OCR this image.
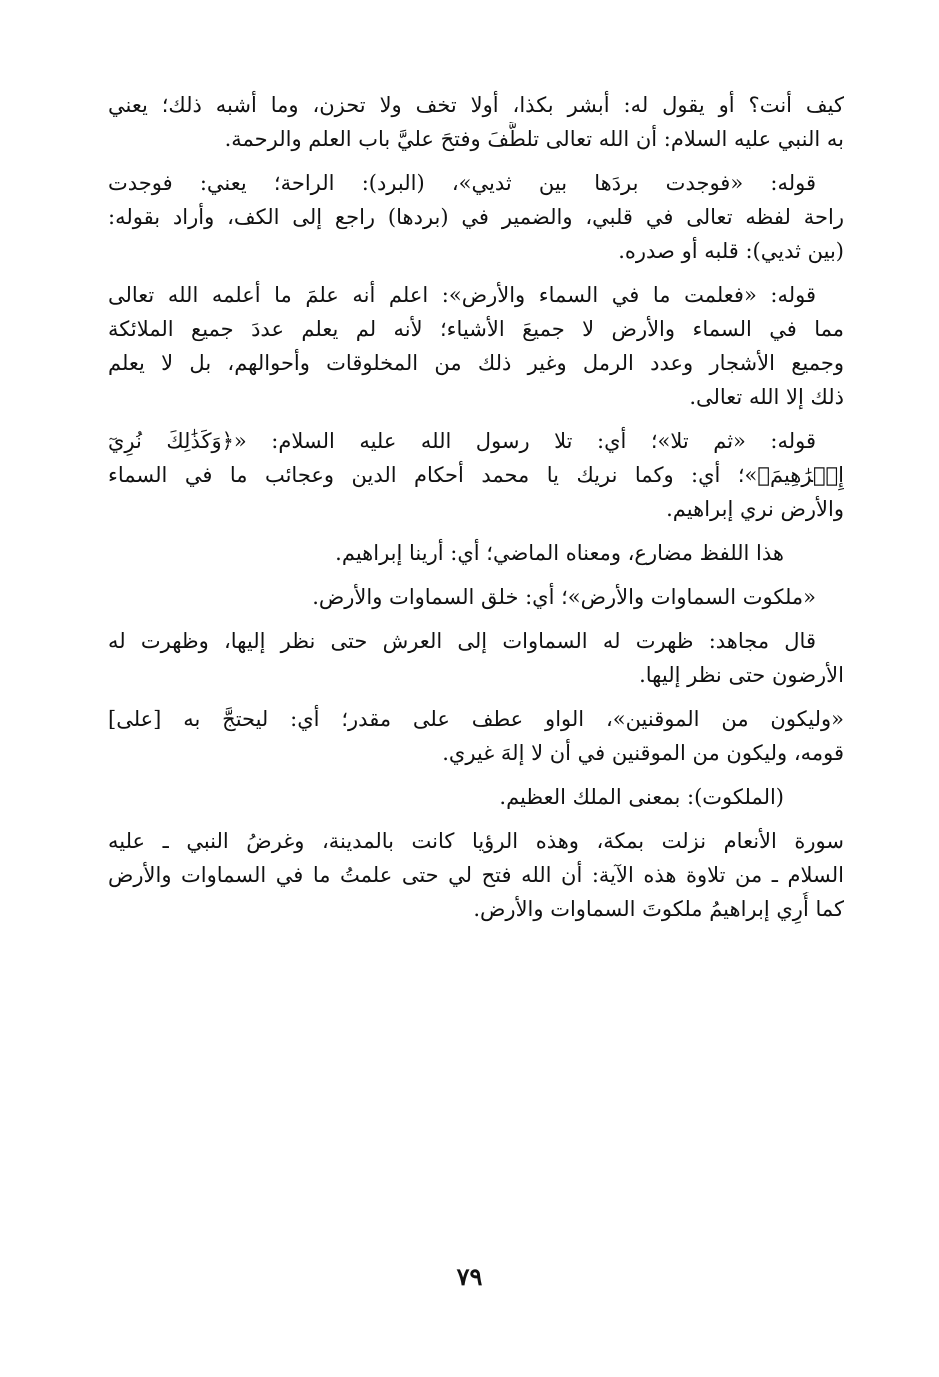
كيف أنت؟ أو يقول له: أبشر بكذا، أولا تخف ولا تحزن، وما أشبه ذلك؛ يعني
به النبي عليه السلام: أن الله تعالى تلطَّفَ وفتحَ عليَّ باب العلم والرحمة.
قوله: «فوجدت بردَها بين ثديي»، (البرد): الراحة؛ يعني: فوجدت
راحة لفظه تعالى في قلبي، والضمير في (بردها) راجع إلى الكف، وأراد بقوله:
(بين ثديي): قلبه أو صدره.
قوله: «فعلمت ما في السماء والأرض»: اعلم أنه علمَ ما أعلمه الله تعالى
مما في السماء والأرض لا جميعَ الأشياء؛ لأنه لم يعلم عددَ جميع الملائكة
وجميع الأشجار وعدد الرمل وغير ذلك من المخلوقات وأحوالهم، بل لا يعلم
ذلك إلا الله تعالى.
قوله: «ثم تلا»؛ أي: تلا رسول الله عليه السلام: «﴿وَكَذَٰلِكَ نُرِيٓ
إِبۡرَٰهِيمَ﴾»؛ أي: وكما نريك يا محمد أحكام الدين وعجائب ما في السماء
والأرض نري إبراهيم.
هذا اللفظ مضارع، ومعناه الماضي؛ أي: أرينا إبراهيم.
«ملكوت السماوات والأرض»؛ أي: خلق السماوات والأرض.
قال مجاهد: ظهرت له السماوات إلى العرش حتى نظر إليها، وظهرت له
الأرضون حتى نظر إليها.
«وليكون من الموقنين»، الواو عطف على مقدر؛ أي: ليحتجَّ به [على]
قومه، وليكون من الموقنين في أن لا إلهَ غيري.
(الملكوت): بمعنى الملك العظيم.
سورة الأنعام نزلت بمكة، وهذه الرؤيا كانت بالمدينة، وغرضُ النبي ـ عليه
السلام ـ من تلاوة هذه الآية: أن الله فتح لي حتى علمتُ ما في السماوات والأرض
كما أُرِي إبراهيمُ ملكوتَ السماوات والأرض.
٧٩
